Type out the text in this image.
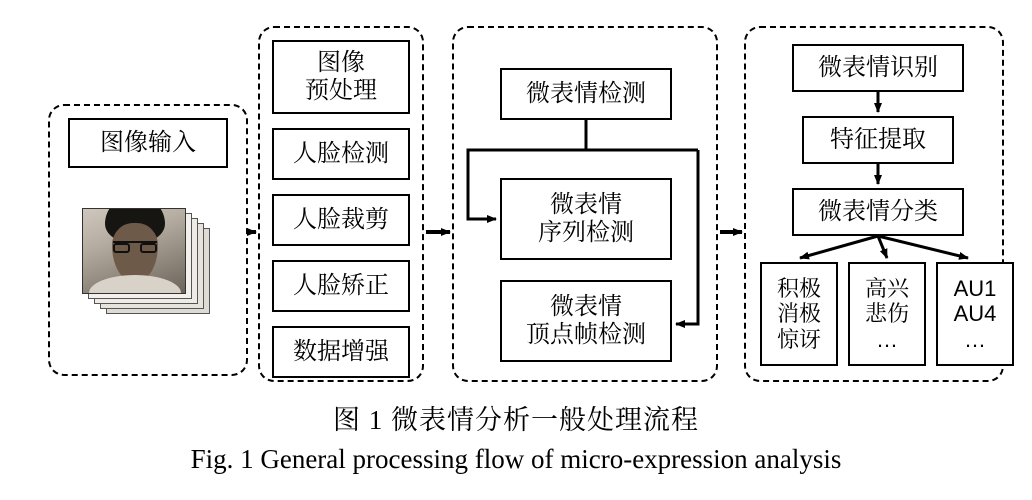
图像输入
图像
预处理
人脸检测
人脸裁剪
人脸矫正
数据增强
微表情检测
微表情
序列检测
微表情
顶点帧检测
微表情识别
特征提取
微表情分类
积极
消极
惊讶
高兴
悲伤
…
AU1
AU4
…
图 1 微表情分析一般处理流程
Fig. 1 General processing flow of micro-expression analysis
